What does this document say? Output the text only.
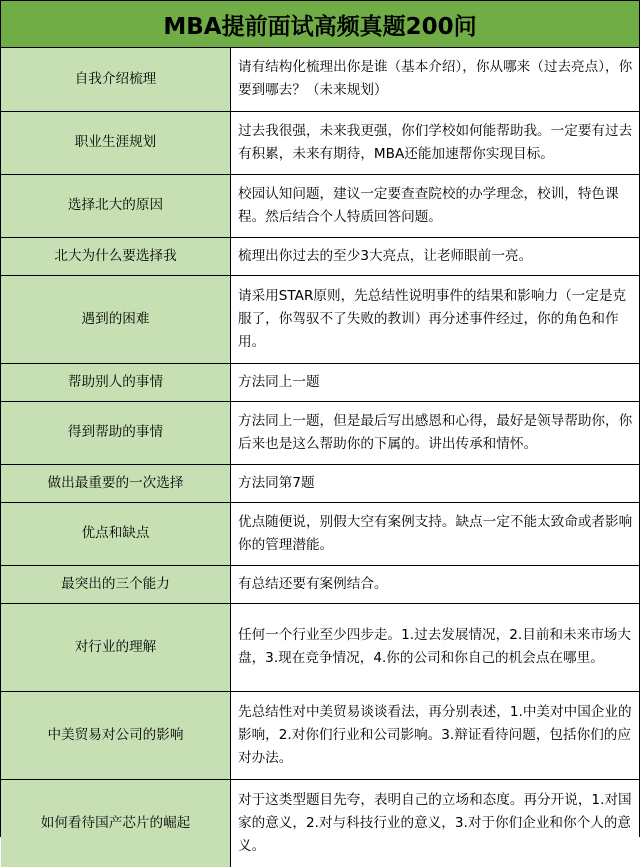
MBA提前面试高频真题200问
自我介绍梳理	请有结构化梳理出你是谁（基本介绍），你从哪来（过去亮点），你要到哪去？（未来规划）
职业生涯规划	过去我很强，未来我更强，你们学校如何能帮助我。一定要有过去有积累，未来有期待，MBA还能加速帮你实现目标。
选择北大的原因	校园认知问题，建议一定要查查院校的办学理念，校训，特色课程。然后结合个人特质回答问题。
北大为什么要选择我	梳理出你过去的至少3大亮点，让老师眼前一亮。
遇到的困难	请采用STAR原则，先总结性说明事件的结果和影响力（一定是克服了，你驾驭不了失败的教训）再分述事件经过，你的角色和作用。
帮助别人的事情	方法同上一题
得到帮助的事情	方法同上一题，但是最后写出感恩和心得，最好是领导帮助你，你后来也是这么帮助你的下属的。讲出传承和情怀。
做出最重要的一次选择	方法同第7题
优点和缺点	优点随便说，别假大空有案例支持。缺点一定不能太致命或者影响你的管理潜能。
最突出的三个能力	有总结还要有案例结合。
对行业的理解	任何一个行业至少四步走。1.过去发展情况，2.目前和未来市场大盘，3.现在竞争情况，4.你的公司和你自己的机会点在哪里。
中美贸易对公司的影响	先总结性对中美贸易谈谈看法，再分别表述，1.中美对中国企业的影响，2.对你们行业和公司影响。3.辩证看待问题，包括你们的应对办法。
如何看待国产芯片的崛起	对于这类型题目先夸，表明自己的立场和态度。再分开说，1.对国家的意义，2.对与科技行业的意义，3.对于你们企业和你个人的意义。
